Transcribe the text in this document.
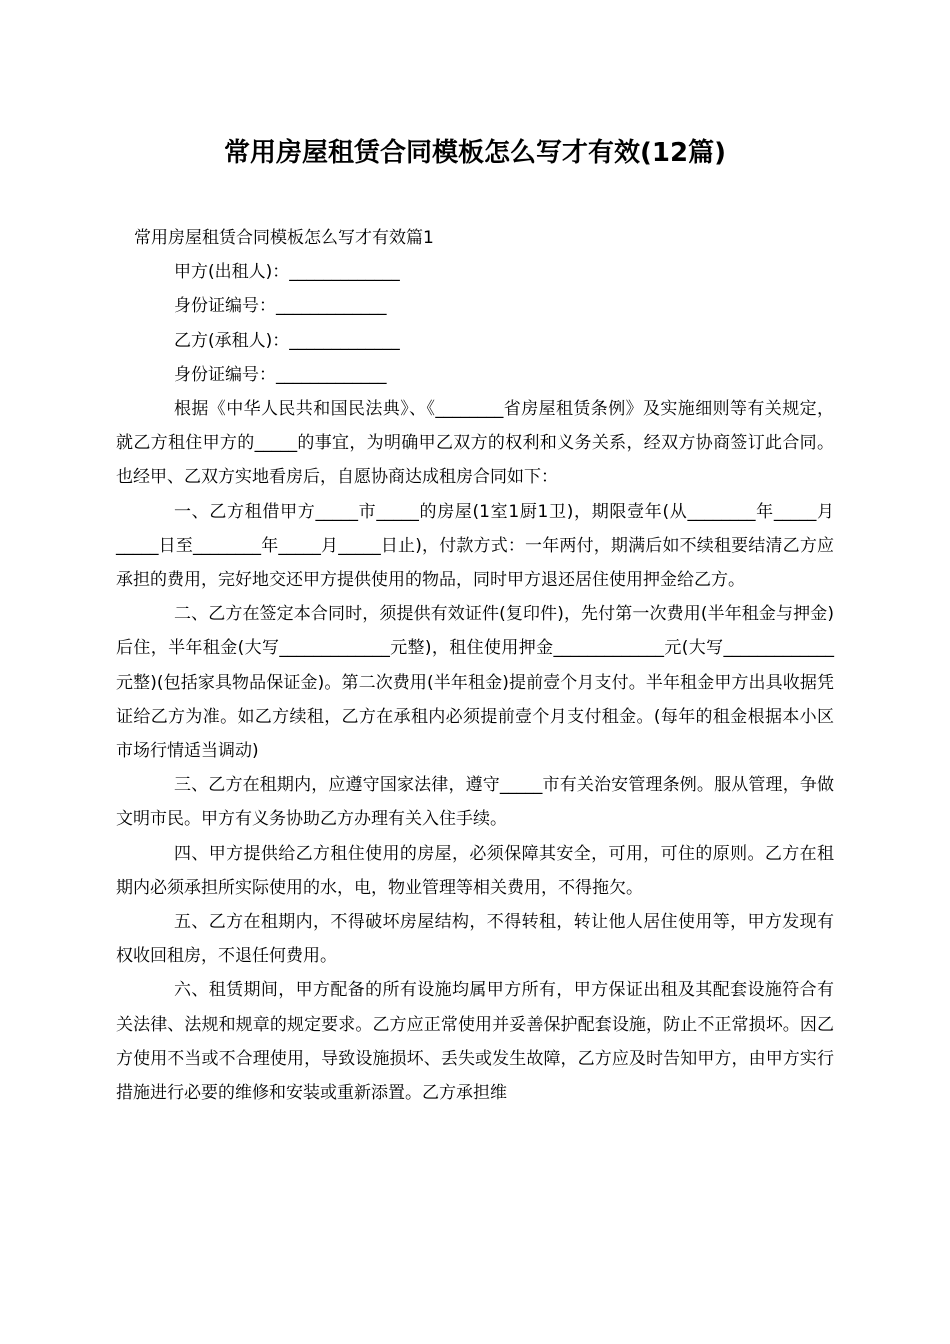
常用房屋租赁合同模板怎么写才有效(12篇)

常用房屋租赁合同模板怎么写才有效篇1

甲方(出租人)：_____________

身份证编号：_____________

乙方(承租人)：_____________

身份证编号：_____________

根据《中华人民共和国民法典》、《________省房屋租赁条例》及实施细则等有关规定，就乙方租住甲方的_____的事宜，为明确甲乙双方的权利和义务关系，经双方协商签订此合同。也经甲、乙双方实地看房后，自愿协商达成租房合同如下：

一、乙方租借甲方_____市_____的房屋(1室1厨1卫)，期限壹年(从________年_____月_____日至________年_____月_____日止)，付款方式：一年两付，期满后如不续租要结清乙方应承担的费用，完好地交还甲方提供使用的物品，同时甲方退还居住使用押金给乙方。

二、乙方在签定本合同时，须提供有效证件(复印件)，先付第一次费用(半年租金与押金)后住，半年租金(大写_____________元整)，租住使用押金_____________元(大写_____________元整)(包括家具物品保证金)。第二次费用(半年租金)提前壹个月支付。半年租金甲方出具收据凭证给乙方为准。如乙方续租，乙方在承租内必须提前壹个月支付租金。(每年的租金根据本小区市场行情适当调动)

三、乙方在租期内，应遵守国家法律，遵守_____市有关治安管理条例。服从管理，争做文明市民。甲方有义务协助乙方办理有关入住手续。

四、甲方提供给乙方租住使用的房屋，必须保障其安全，可用，可住的原则。乙方在租期内必须承担所实际使用的水，电，物业管理等相关费用，不得拖欠。

五、乙方在租期内，不得破坏房屋结构，不得转租，转让他人居住使用等，甲方发现有权收回租房，不退任何费用。

六、租赁期间，甲方配备的所有设施均属甲方所有，甲方保证出租及其配套设施符合有关法律、法规和规章的规定要求。乙方应正常使用并妥善保护配套设施，防止不正常损坏。因乙方使用不当或不合理使用，导致设施损坏、丢失或发生故障，乙方应及时告知甲方，由甲方实行措施进行必要的维修和安装或重新添置。乙方承担维
